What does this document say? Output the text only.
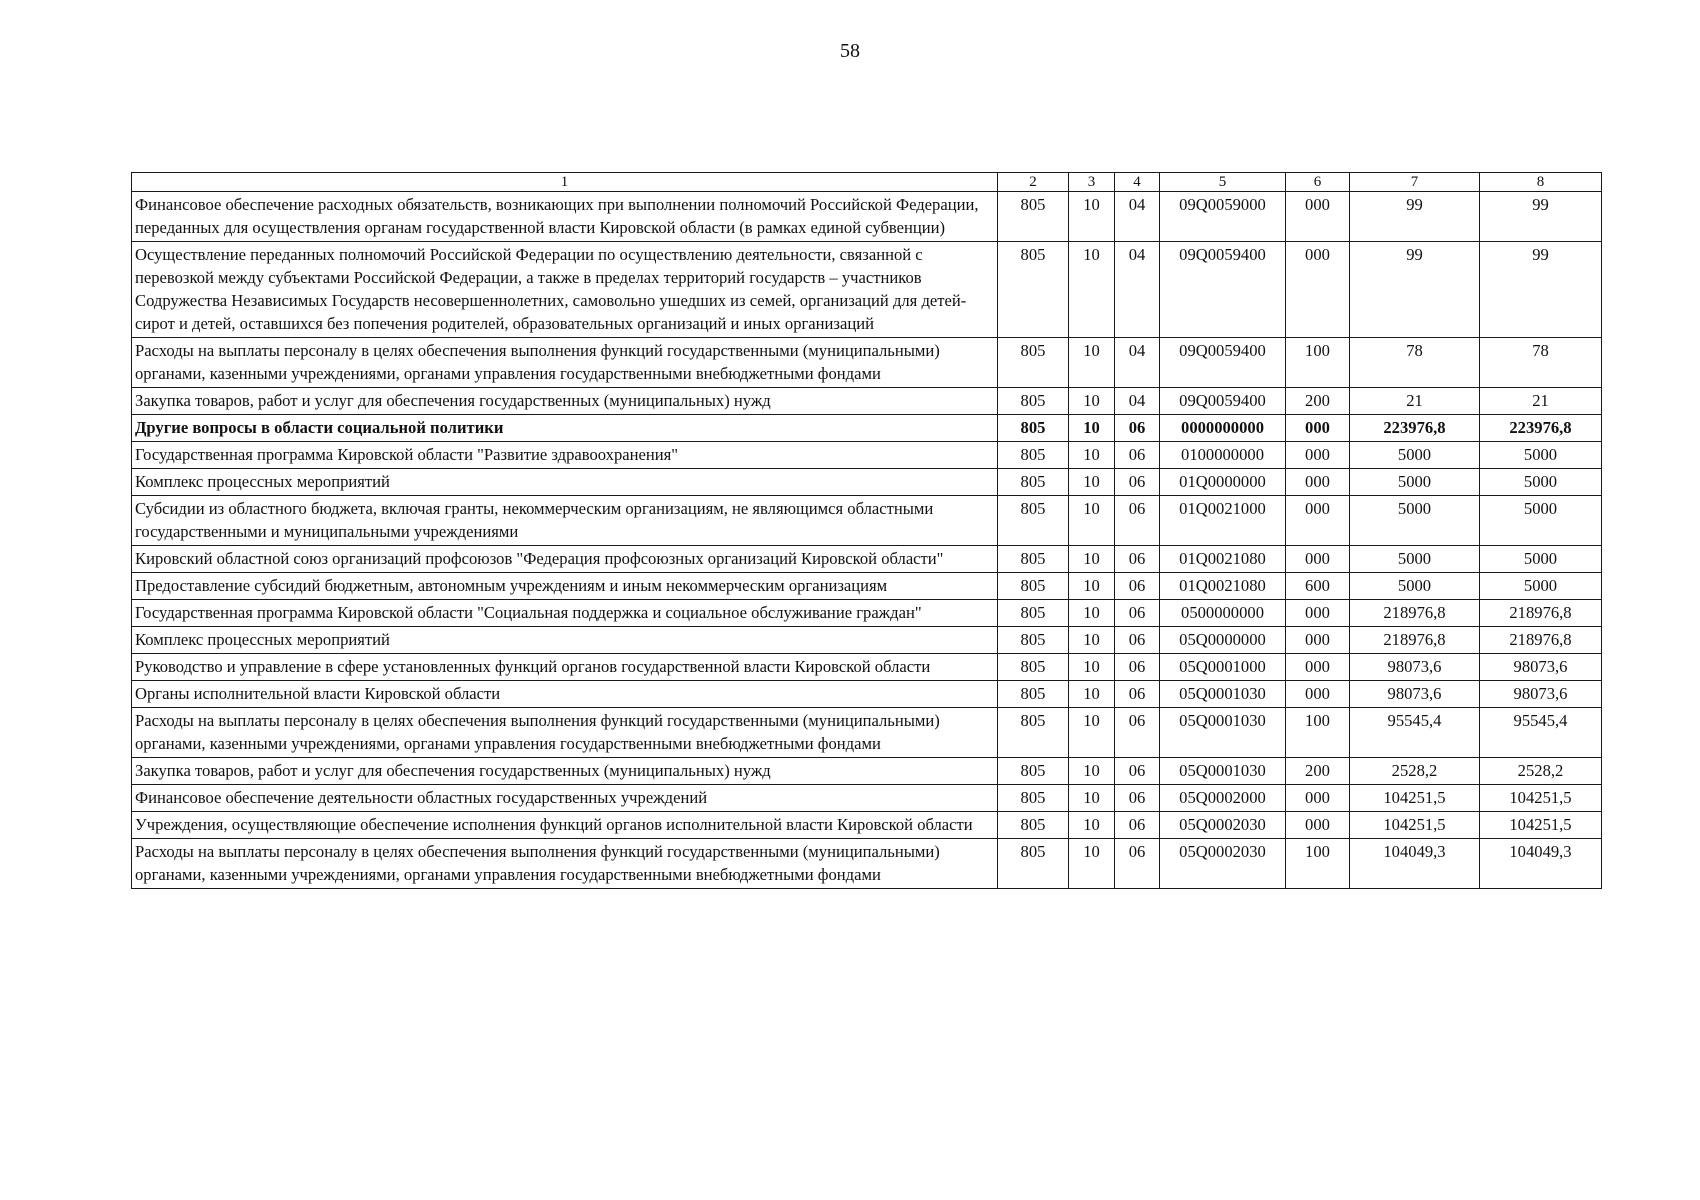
58
1	2	3	4	5	6	7	8
Финансовое обеспечение расходных обязательств, возникающих при выполнении полномочий Российской Федерации, переданных для осуществления органам государственной власти Кировской области (в рамках единой субвенции)	805	10	04	09Q0059000	000	99	99
Осуществление переданных полномочий Российской Федерации по осуществлению деятельности, связанной с перевозкой между субъектами Российской Федерации, а также в пределах территорий государств – участников Содружества Независимых Государств несовершеннолетних, самовольно ушедших из семей, организаций для детей-сирот и детей, оставшихся без попечения родителей, образовательных организаций и иных организаций	805	10	04	09Q0059400	000	99	99
Расходы на выплаты персоналу в целях обеспечения выполнения функций государственными (муниципальными) органами, казенными учреждениями, органами управления государственными внебюджетными фондами	805	10	04	09Q0059400	100	78	78
Закупка товаров, работ и услуг для обеспечения государственных (муниципальных) нужд	805	10	04	09Q0059400	200	21	21
Другие вопросы в области социальной политики	805	10	06	0000000000	000	223976,8	223976,8
Государственная программа Кировской области "Развитие здравоохранения"	805	10	06	0100000000	000	5000	5000
Комплекс процессных мероприятий	805	10	06	01Q0000000	000	5000	5000
Субсидии из областного бюджета, включая гранты, некоммерческим организациям, не являющимся областными государственными и муниципальными учреждениями	805	10	06	01Q0021000	000	5000	5000
Кировский областной союз организаций профсоюзов "Федерация профсоюзных организаций Кировской области"	805	10	06	01Q0021080	000	5000	5000
Предоставление субсидий бюджетным, автономным учреждениям и иным некоммерческим организациям	805	10	06	01Q0021080	600	5000	5000
Государственная программа Кировской области "Социальная поддержка и социальное обслуживание граждан"	805	10	06	0500000000	000	218976,8	218976,8
Комплекс процессных мероприятий	805	10	06	05Q0000000	000	218976,8	218976,8
Руководство и управление в сфере установленных функций органов государственной власти Кировской области	805	10	06	05Q0001000	000	98073,6	98073,6
Органы исполнительной власти Кировской области	805	10	06	05Q0001030	000	98073,6	98073,6
Расходы на выплаты персоналу в целях обеспечения выполнения функций государственными (муниципальными) органами, казенными учреждениями, органами управления государственными внебюджетными фондами	805	10	06	05Q0001030	100	95545,4	95545,4
Закупка товаров, работ и услуг для обеспечения государственных (муниципальных) нужд	805	10	06	05Q0001030	200	2528,2	2528,2
Финансовое обеспечение деятельности областных государственных учреждений	805	10	06	05Q0002000	000	104251,5	104251,5
Учреждения, осуществляющие обеспечение исполнения функций органов исполнительной власти Кировской области	805	10	06	05Q0002030	000	104251,5	104251,5
Расходы на выплаты персоналу в целях обеспечения выполнения функций государственными (муниципальными) органами, казенными учреждениями, органами управления государственными внебюджетными фондами	805	10	06	05Q0002030	100	104049,3	104049,3
